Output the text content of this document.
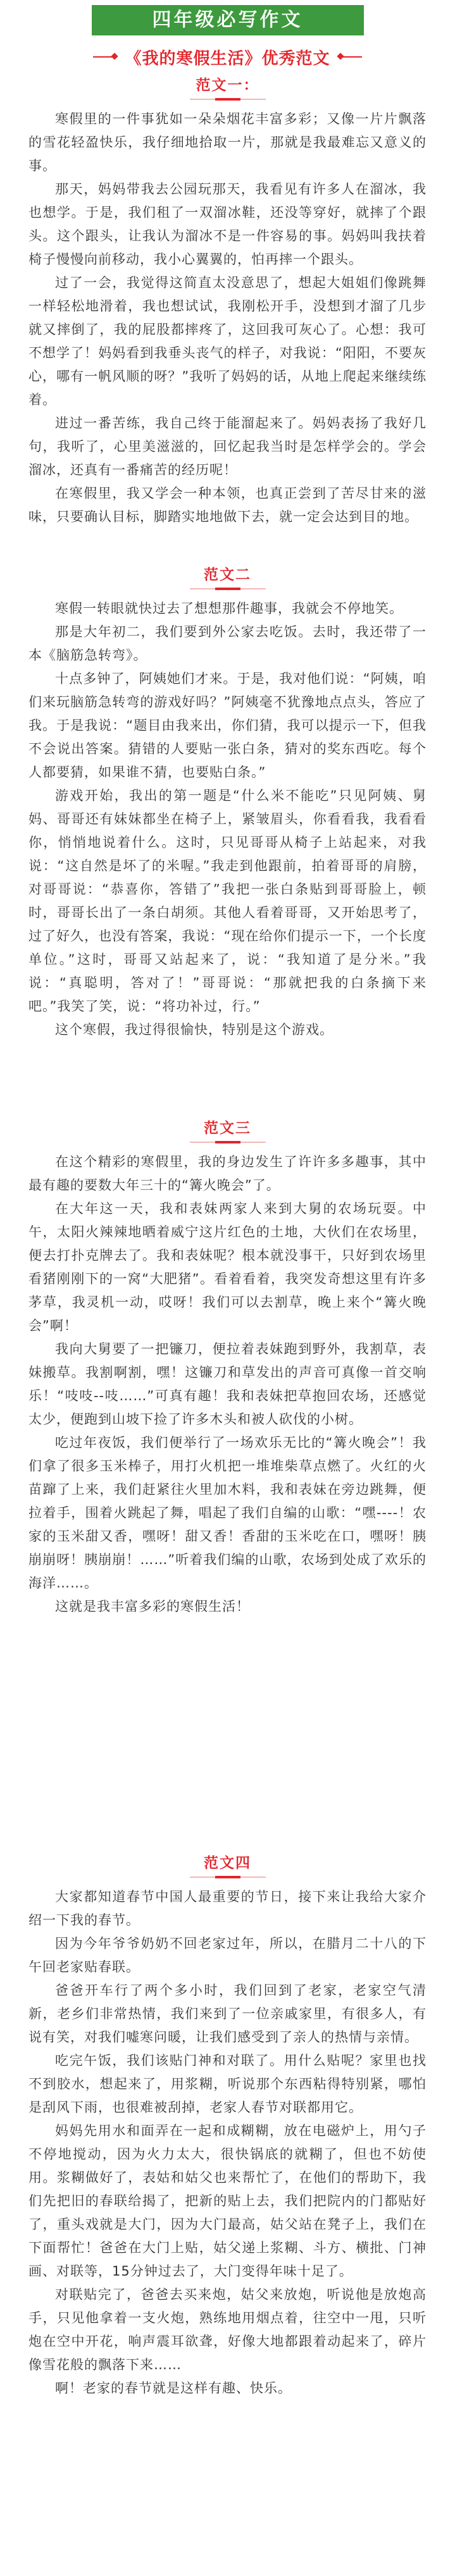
四年级必写作文
《我的寒假生活》优秀范文
范文一：

寒假里的一件事犹如一朵朵烟花丰富多彩；又像一片片飘落的雪花轻盈快乐，我仔细地拾取一片，那就是我最难忘又意义的事。

那天，妈妈带我去公园玩那天，我看见有许多人在溜冰，我也想学。于是，我们租了一双溜冰鞋，还没等穿好，就摔了个跟头。这个跟头，让我认为溜冰不是一件容易的事。妈妈叫我扶着椅子慢慢向前移动，我小心翼翼的，怕再摔一个跟头。

过了一会，我觉得这简直太没意思了，想起大姐姐们像跳舞一样轻松地滑着，我也想试试，我刚松开手，没想到才溜了几步就又摔倒了，我的屁股都摔疼了，这回我可灰心了。心想：我可不想学了！妈妈看到我垂头丧气的样子，对我说：“阳阳，不要灰心，哪有一帆风顺的呀？”我听了妈妈的话，从地上爬起来继续练着。

进过一番苦练，我自己终于能溜起来了。妈妈表扬了我好几句，我听了，心里美滋滋的，回忆起我当时是怎样学会的。学会溜冰，还真有一番痛苦的经历呢！

在寒假里，我又学会一种本领，也真正尝到了苦尽甘来的滋味，只要确认目标，脚踏实地地做下去，就一定会达到目的地。

范文二

寒假一转眼就快过去了想想那件趣事，我就会不停地笑。

那是大年初二，我们要到外公家去吃饭。去时，我还带了一本《脑筋急转弯》。

十点多钟了，阿姨她们才来。于是，我对他们说：“阿姨，咱们来玩脑筋急转弯的游戏好吗？”阿姨毫不犹豫地点点头，答应了我。于是我说：“题目由我来出，你们猜，我可以提示一下，但我不会说出答案。猜错的人要贴一张白条，猜对的奖东西吃。每个人都要猜，如果谁不猜，也要贴白条。”

游戏开始，我出的第一题是“什么米不能吃”只见阿姨、舅妈、哥哥还有妹妹都坐在椅子上，紧皱眉头，你看看我，我看看你，悄悄地说着什么。这时，只见哥哥从椅子上站起来，对我说：“这自然是坏了的米喔。”我走到他跟前，拍着哥哥的肩膀，对哥哥说：“恭喜你，答错了”我把一张白条贴到哥哥脸上，顿时，哥哥长出了一条白胡须。其他人看着哥哥，又开始思考了，过了好久，也没有答案，我说：“现在给你们提示一下，一个长度单位。”这时，哥哥又站起来了，说：“我知道了是分米。”我说：“真聪明，答对了！”哥哥说：“那就把我的白条摘下来吧。”我笑了笑，说：“将功补过，行。”

这个寒假，我过得很愉快，特别是这个游戏。

范文三

在这个精彩的寒假里，我的身边发生了许许多多趣事，其中最有趣的要数大年三十的“篝火晚会”了。

在大年这一天，我和表妹两家人来到大舅的农场玩耍。中午，太阳火辣辣地晒着威宁这片红色的土地，大伙们在农场里，便去打扑克牌去了。我和表妹呢？根本就没事干，只好到农场里看猪刚刚下的一窝“大肥猪”。看着看着，我突发奇想这里有许多茅草，我灵机一动，哎呀！我们可以去割草，晚上来个“篝火晚会”啊！

我向大舅要了一把镰刀，便拉着表妹跑到野外，我割草，表妹搬草。我割啊割，嘿！这镰刀和草发出的声音可真像一首交响乐！“吱吱--吱……”可真有趣！我和表妹把草抱回农场，还感觉太少，便跑到山坡下捡了许多木头和被人砍伐的小树。

吃过年夜饭，我们便举行了一场欢乐无比的“篝火晚会”！我们拿了很多玉米棒子，用打火机把一堆堆柴草点燃了。火红的火苗蹿了上来，我们赶紧往火里加木料，我和表妹在旁边跳舞，便拉着手，围着火跳起了舞，唱起了我们自编的山歌：“嘿----！农家的玉米甜又香，嘿呀！甜又香！香甜的玉米吃在口，嘿呀！胰崩崩呀！胰崩崩！……”听着我们编的山歌，农场到处成了欢乐的海洋……。

这就是我丰富多彩的寒假生活！

范文四

大家都知道春节中国人最重要的节日，接下来让我给大家介绍一下我的春节。

因为今年爷爷奶奶不回老家过年，所以，在腊月二十八的下午回老家贴春联。

爸爸开车行了两个多小时，我们回到了老家，老家空气清新，老乡们非常热情，我们来到了一位亲戚家里，有很多人，有说有笑，对我们嘘寒问暖，让我们感受到了亲人的热情与亲情。

吃完午饭，我们该贴门神和对联了。用什么贴呢？家里也找不到胶水，想起来了，用浆糊，听说那个东西粘得特别紧，哪怕是刮风下雨，也很难被刮掉，老家人春节对联都用它。

妈妈先用水和面弄在一起和成糊糊，放在电磁炉上，用勺子不停地搅动，因为火力太大，很快锅底的就糊了，但也不妨使用。浆糊做好了，表姑和姑父也来帮忙了，在他们的帮助下，我们先把旧的春联给揭了，把新的贴上去，我们把院内的门都贴好了，重头戏就是大门，因为大门最高，姑父站在凳子上，我们在下面帮忙！爸爸在大门上贴，姑父递上浆糊、斗方、横批、门神画、对联等，15分钟过去了，大门变得年味十足了。

对联贴完了，爸爸去买来炮，姑父来放炮，听说他是放炮高手，只见他拿着一支火炮，熟练地用烟点着，往空中一甩，只听炮在空中开花，响声震耳欲聋，好像大地都跟着动起来了，碎片像雪花般的飘落下来……

啊！老家的春节就是这样有趣、快乐。
